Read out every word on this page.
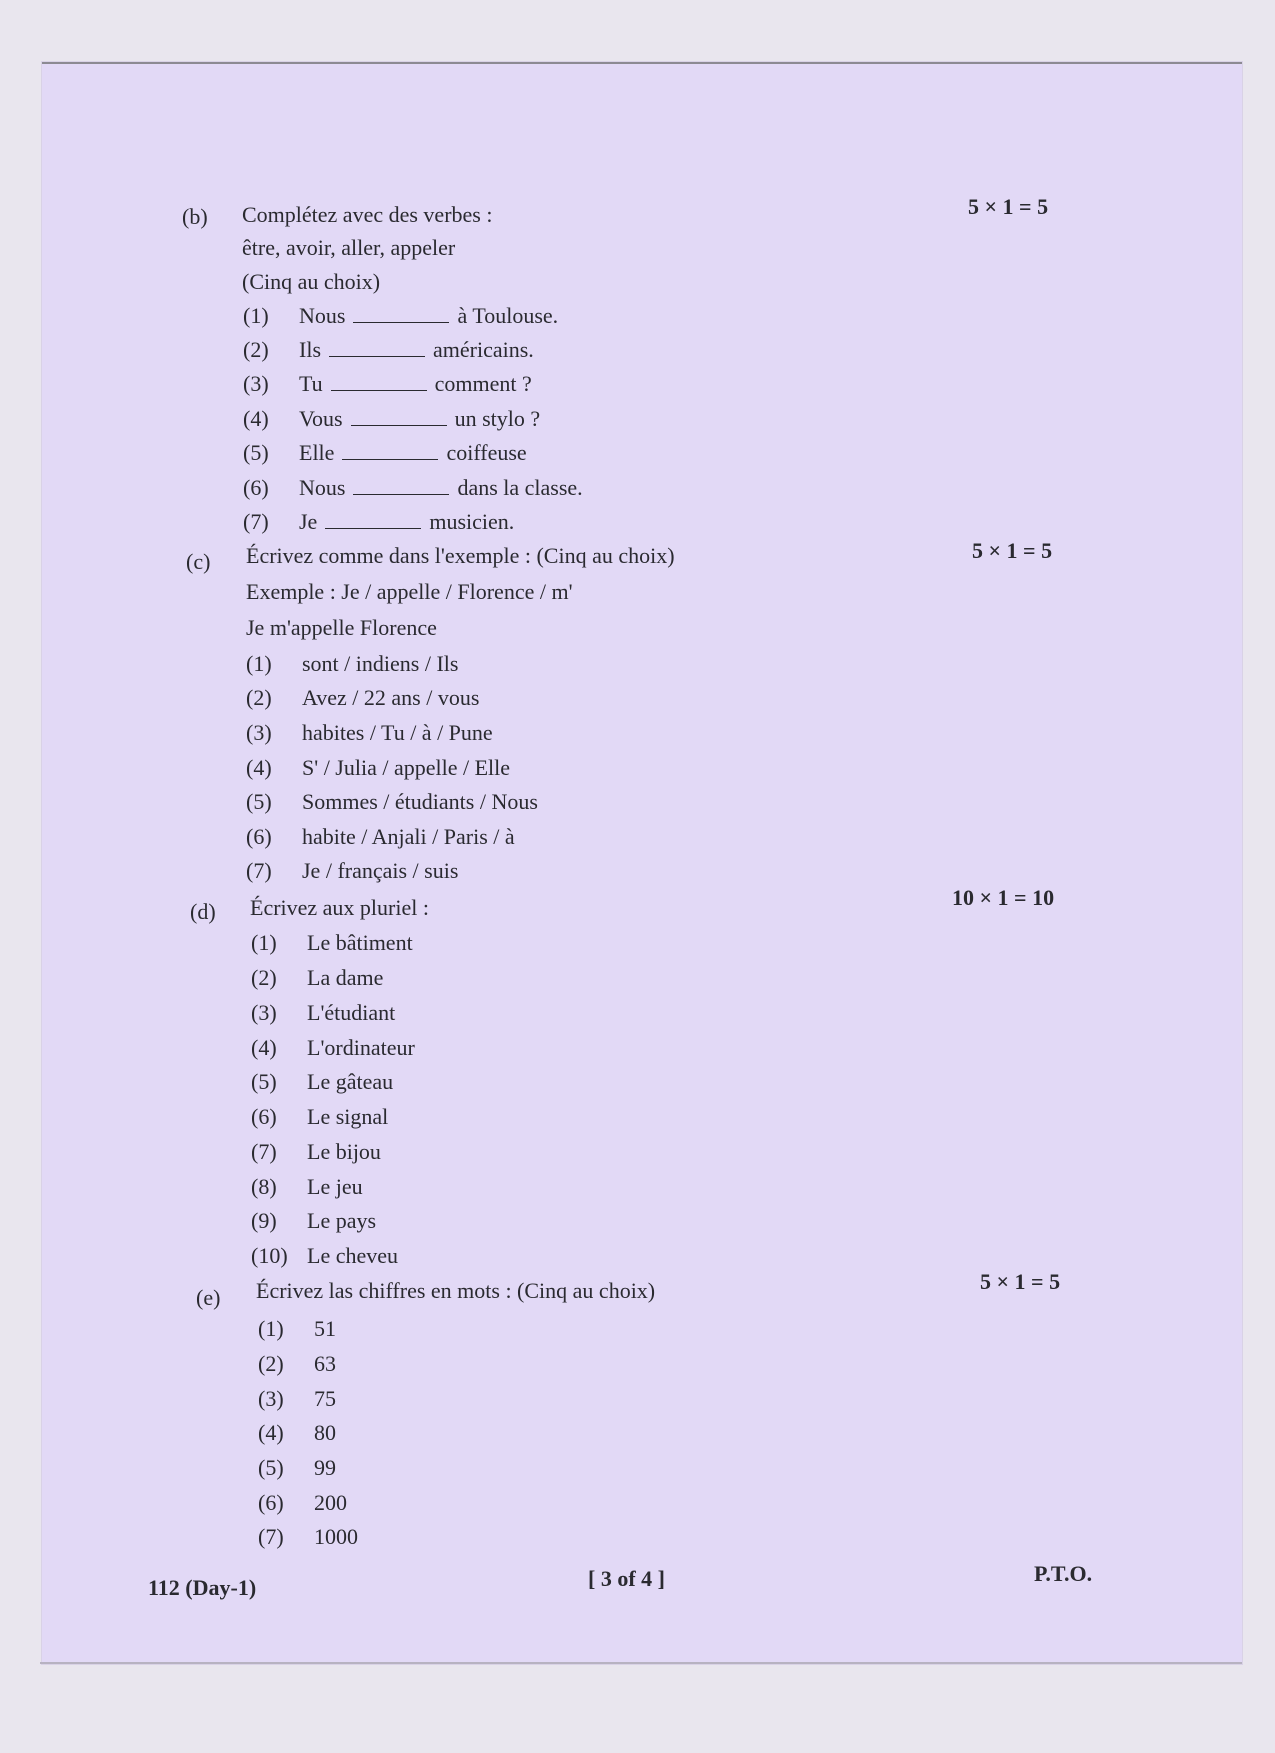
(b) Complétez avec des verbes :	5 × 1 = 5
être, avoir, aller, appeler
(Cinq au choix)
(1) Nous	à Toulouse.
(2) Ils	américains.
(3) Tu	comment ?
(4) Vous	un stylo ?
(5) Elle	coiffeuse
(6) Nous	dans la classe.
(7) Je	musicien.
(c) Écrivez comme dans l'exemple : (Cinq au choix)	5 × 1 = 5
Exemple : Je / appelle / Florence / m'
Je m'appelle Florence
(1) sont / indiens / Ils
(2) Avez / 22 ans / vous
(3) habites / Tu / à / Pune
(4) S' / Julia / appelle / Elle
(5) Sommes / étudiants / Nous
(6) habite / Anjali / Paris / à
(7) Je / français / suis
(d) Écrivez aux pluriel :	10 × 1 = 10
(1) Le bâtiment
(2) La dame
(3) L'étudiant
(4) L'ordinateur
(5) Le gâteau
(6) Le signal
(7) Le bijou
(8) Le jeu
(9) Le pays
(10) Le cheveu
(e) Écrivez las chiffres en mots : (Cinq au choix)	5 × 1 = 5
(1) 51
(2) 63
(3) 75
(4) 80
(5) 99
(6) 200
(7) 1000
112 (Day-1)	[ 3 of 4 ]	P.T.O.
